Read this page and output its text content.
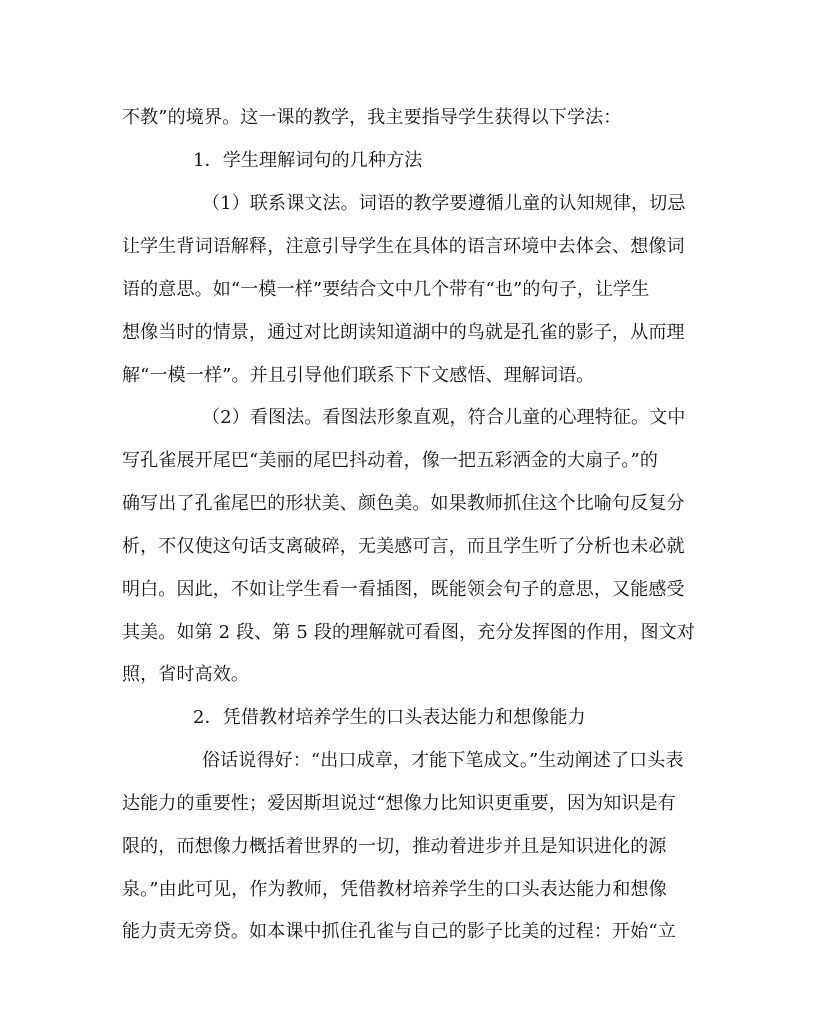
不教”的境界。这一课的教学，我主要指导学生获得以下学法：
1．学生理解词句的几种方法
（1）联系课文法。词语的教学要遵循儿童的认知规律，切忌
让学生背词语解释，注意引导学生在具体的语言环境中去体会、想像词
语的意思。如“一模一样”要结合文中几个带有“也”的句子，让学生
想像当时的情景，通过对比朗读知道湖中的鸟就是孔雀的影子，从而理
解“一模一样”。并且引导他们联系下下文感悟、理解词语。
（2）看图法。看图法形象直观，符合儿童的心理特征。文中
写孔雀展开尾巴“美丽的尾巴抖动着，像一把五彩洒金的大扇子。”的
确写出了孔雀尾巴的形状美、颜色美。如果教师抓住这个比喻句反复分
析，不仅使这句话支离破碎，无美感可言，而且学生听了分析也未必就
明白。因此，不如让学生看一看插图，既能领会句子的意思，又能感受
其美。如第 2 段、第 5 段的理解就可看图，充分发挥图的作用，图文对
照，省时高效。
2．凭借教材培养学生的口头表达能力和想像能力
俗话说得好：“出口成章，才能下笔成文。”生动阐述了口头表
达能力的重要性；爱因斯坦说过“想像力比知识更重要，因为知识是有
限的，而想像力概括着世界的一切，推动着进步并且是知识进化的源
泉。”由此可见，作为教师，凭借教材培养学生的口头表达能力和想像
能力责无旁贷。如本课中抓住孔雀与自己的影子比美的过程：开始“立
